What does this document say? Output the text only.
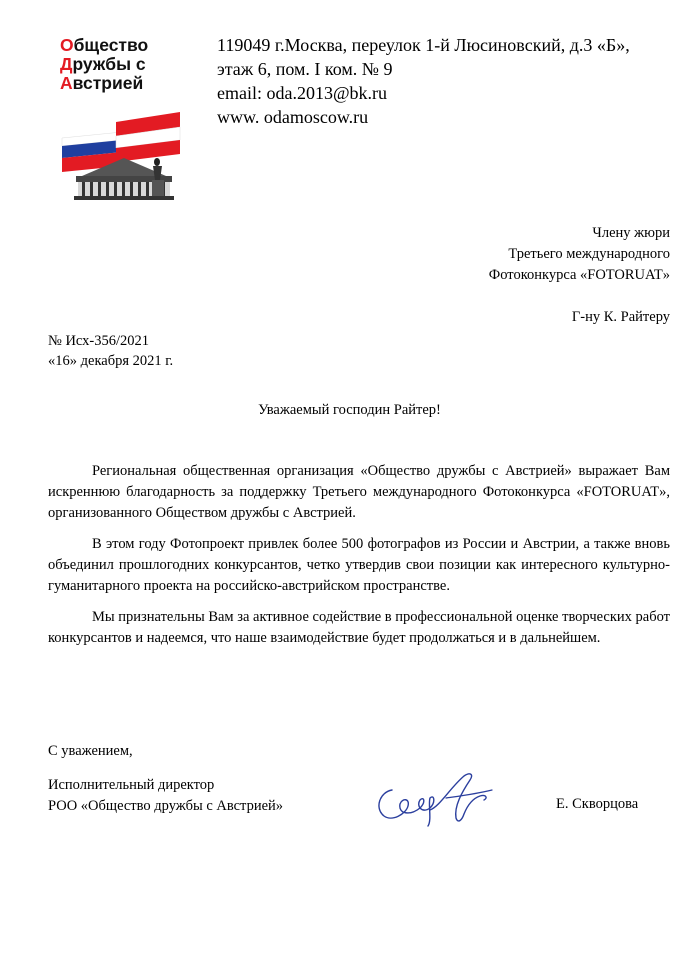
Общество
Дружбы с
Австрией
119049 г.Москва, переулок 1-й Люсиновский, д.3 «Б»,
этаж 6, пом. I ком. № 9
email: oda.2013@bk.ru
www. odamoscow.ru
Члену жюри
Третьего международного
Фотоконкурса «FOTORUAT»
Г-ну К. Райтеру
№ Исх-356/2021
«16» декабря 2021 г.
Уважаемый господин Райтер!

Региональная общественная организация «Общество дружбы с Австрией» выражает Вам искреннюю благодарность за поддержку Третьего международного Фотоконкурса «FOTORUAT», организованного Обществом дружбы с Австрией.

В этом году Фотопроект привлек более 500 фотографов из России и Австрии, а также вновь объединил прошлогодних конкурсантов, четко утвердив свои позиции как интересного культурно-гуманитарного проекта на российско-австрийском пространстве.

Мы признательны Вам за активное содействие в профессиональной оценке творческих работ конкурсантов и надеемся, что наше взаимодействие будет продолжаться и в дальнейшем.

С уважением,
Исполнительный директор
РОО «Общество дружбы с Австрией»	Е. Скворцова
